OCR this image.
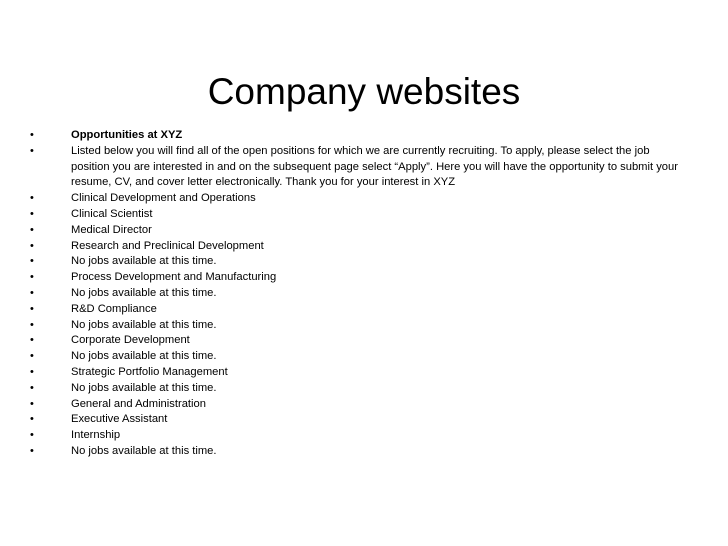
Company websites
•	Opportunities at XYZ
•	Listed below you will find all of the open positions for which we are currently recruiting. To apply, please select the job position you are interested in and on the subsequent page select “Apply”. Here you will have the opportunity to submit your resume, CV, and cover letter electronically. Thank you for your interest in XYZ
•	Clinical Development and Operations
•	Clinical Scientist
•	Medical Director
•	Research and Preclinical Development
•	No jobs available at this time.
•	Process Development and Manufacturing
•	No jobs available at this time.
•	R&D Compliance
•	No jobs available at this time.
•	Corporate Development
•	No jobs available at this time.
•	Strategic Portfolio Management
•	No jobs available at this time.
•	General and Administration
•	Executive Assistant
•	Internship
•	No jobs available at this time.
